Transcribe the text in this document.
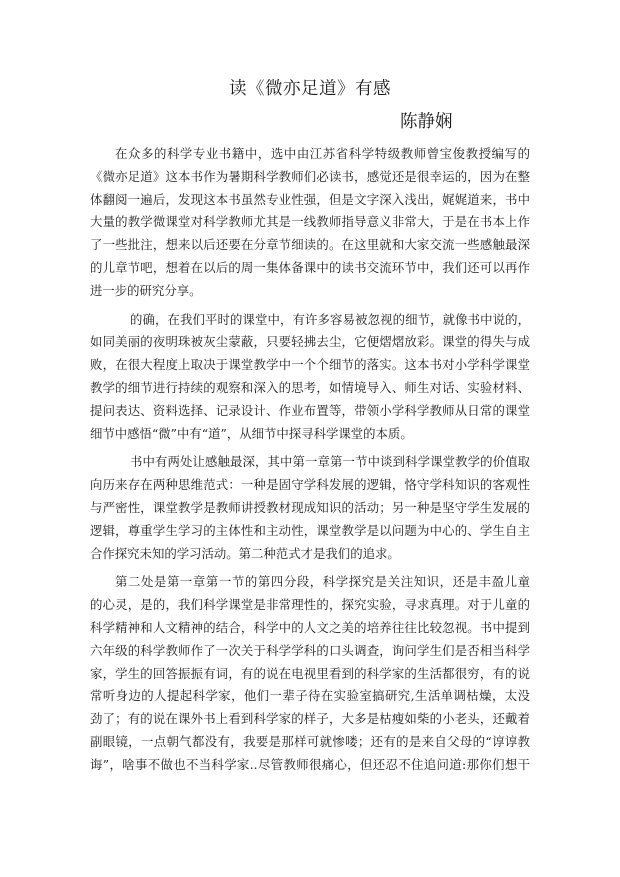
读《微亦足道》有感
陈静娴
在众多的科学专业书籍中，选中由江苏省科学特级教师曾宝俊教授编写的
《微亦足道》这本书作为暑期科学教师们必读书，感觉还是很幸运的，因为在整
体翻阅一遍后，发现这本书虽然专业性强，但是文字深入浅出，娓娓道来，书中
大量的教学微课堂对科学教师尤其是一线教师指导意义非常大，于是在书本上作
了一些批注，想来以后还要在分章节细读的。在这里就和大家交流一些感触最深
的儿章节吧，想着在以后的周一集体备课中的读书交流环节中，我们还可以再作
进一步的研究分享。
的确，在我们平时的课堂中，有许多容易被忽视的细节，就像书中说的，
如同美丽的夜明珠被灰尘蒙蔽，只要轻拂去尘，它便熠熠放彩。课堂的得失与成
败，在很大程度上取决于课堂教学中一个个细节的落实。这本书对小学科学课堂
教学的细节进行持续的观察和深入的思考，如情境导入、师生对话、实验材料、
提问表达、资料选择、记录设计、作业布置等，带领小学科学教师从日常的课堂
细节中感悟“微”中有“道”，从细节中探寻科学课堂的本质。
书中有两处让感触最深，其中第一章第一节中谈到科学课堂教学的价值取
向历来存在两种思维范式：一种是固守学科发展的逻辑，恪守学科知识的客观性
与严密性，课堂教学是教师讲授教材现成知识的活动；另一种是坚守学生发展的
逻辑，尊重学生学习的主体性和主动性，课堂教学是以问题为中心的、学生自主
合作探究未知的学习活动。第二种范式才是我们的追求。
第二处是第一章第一节的第四分段，科学探究是关注知识，还是丰盈儿童
的心灵，是的，我们科学课堂是非常理性的，探究实验，寻求真理。对于儿童的
科学精神和人文精神的结合，科学中的人文之美的培养往往比较忽视。书中提到
六年级的科学教师作了一次关于科学学科的口头调查，询问学生们是否相当科学
家，学生的回答振振有词，有的说在电视里看到的科学家的生活都很穷，有的说
常听身边的人提起科学家，他们一辈子待在实验室搞研究,生活单调枯燥，太没
劲了；有的说在课外书上看到科学家的样子，大多是枯瘦如柴的小老头，还戴着
副眼镜，一点朝气都没有，我要是那样可就惨喽；还有的是来自父母的“谆谆教
诲”，啥事不做也不当科学家..尽管教师很痛心，但还忍不住追问道:那你们想干
